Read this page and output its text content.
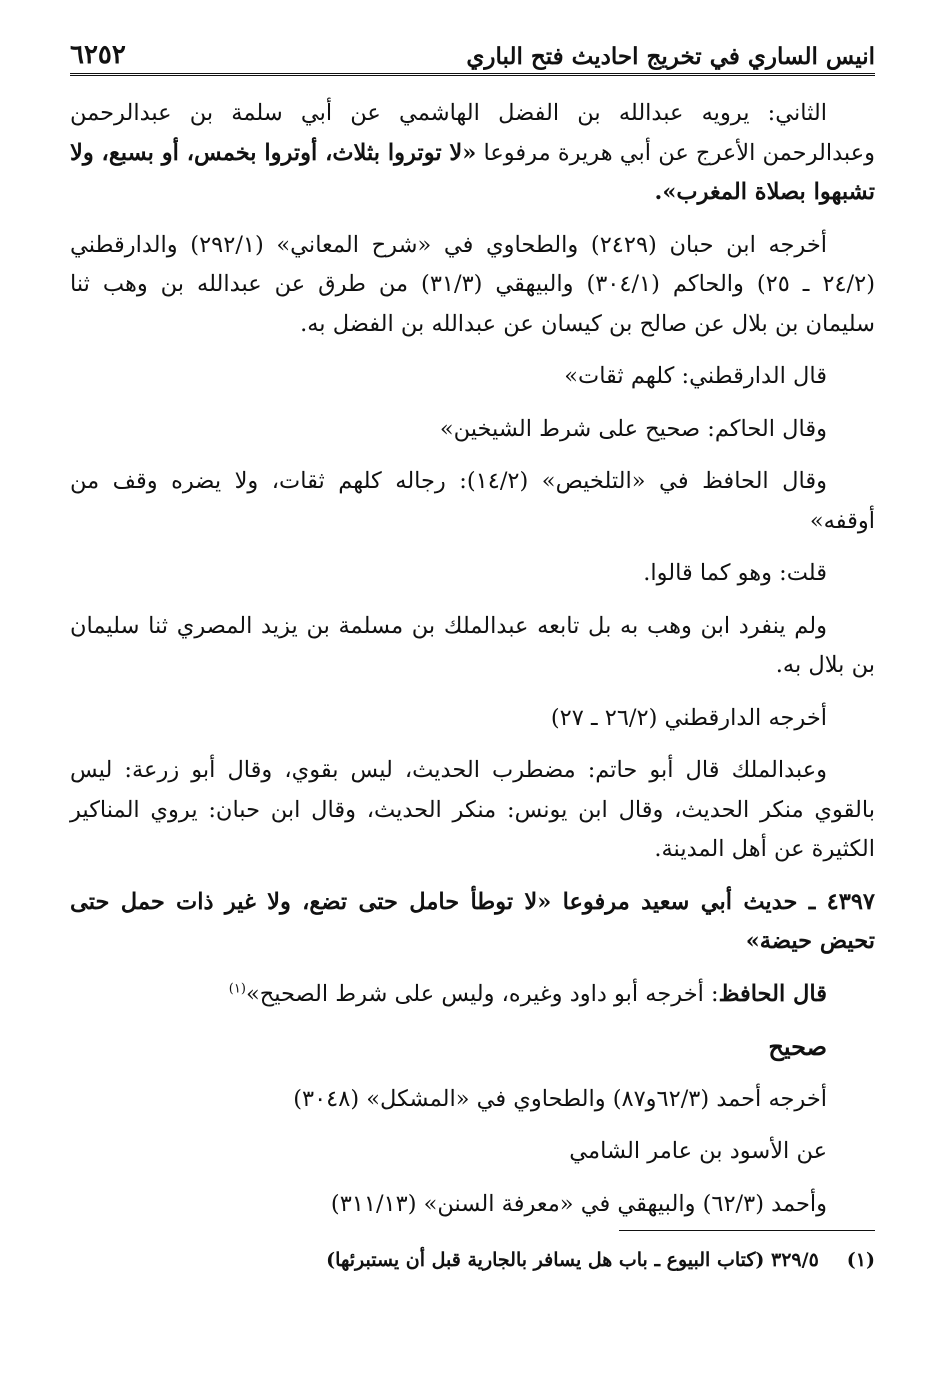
انيس الساري في تخريج احاديث فتح الباري
٦٢٥٢

الثاني: يرويه عبدالله بن الفضل الهاشمي عن أبي سلمة بن عبدالرحمن وعبدالرحمن الأعرج عن أبي هريرة مرفوعا «لا توتروا بثلاث، أوتروا بخمس، أو بسبع، ولا تشبهوا بصلاة المغرب».

أخرجه ابن حبان (٢٤٢٩) والطحاوي في «شرح المعاني» (٢٩٢/١) والدارقطني (٢٤/٢ ـ ٢٥) والحاكم (٣٠٤/١) والبيهقي (٣١/٣) من طرق عن عبدالله بن وهب ثنا سليمان بن بلال عن صالح بن كيسان عن عبدالله بن الفضل به.

قال الدارقطني: كلهم ثقات»

وقال الحاكم: صحيح على شرط الشيخين»

وقال الحافظ في «التلخيص» (١٤/٢): رجاله كلهم ثقات، ولا يضره وقف من أوقفه»

قلت: وهو كما قالوا.

ولم ينفرد ابن وهب به بل تابعه عبدالملك بن مسلمة بن يزيد المصري ثنا سليمان بن بلال به.

أخرجه الدارقطني (٢٦/٢ ـ ٢٧)

وعبدالملك قال أبو حاتم: مضطرب الحديث، ليس بقوي، وقال أبو زرعة: ليس بالقوي منكر الحديث، وقال ابن يونس: منكر الحديث، وقال ابن حبان: يروي المناكير الكثيرة عن أهل المدينة.

٤٣٩٧ ـ حديث أبي سعيد مرفوعا «لا توطأ حامل حتى تضع، ولا غير ذات حمل حتى تحيض حيضة»

قال الحافظ: أخرجه أبو داود وغيره، وليس على شرط الصحيح»$^{(١)}$

صحيح

أخرجه أحمد (٦٢/٣و٨٧) والطحاوي في «المشكل» (٣٠٤٨)

عن الأسود بن عامر الشامي

وأحمد (٦٢/٣) والبيهقي في «معرفة السنن» (٣١١/١٣)

(١)٣٢٩/٥ (كتاب البيوع ـ باب هل يسافر بالجارية قبل أن يستبرئها)
